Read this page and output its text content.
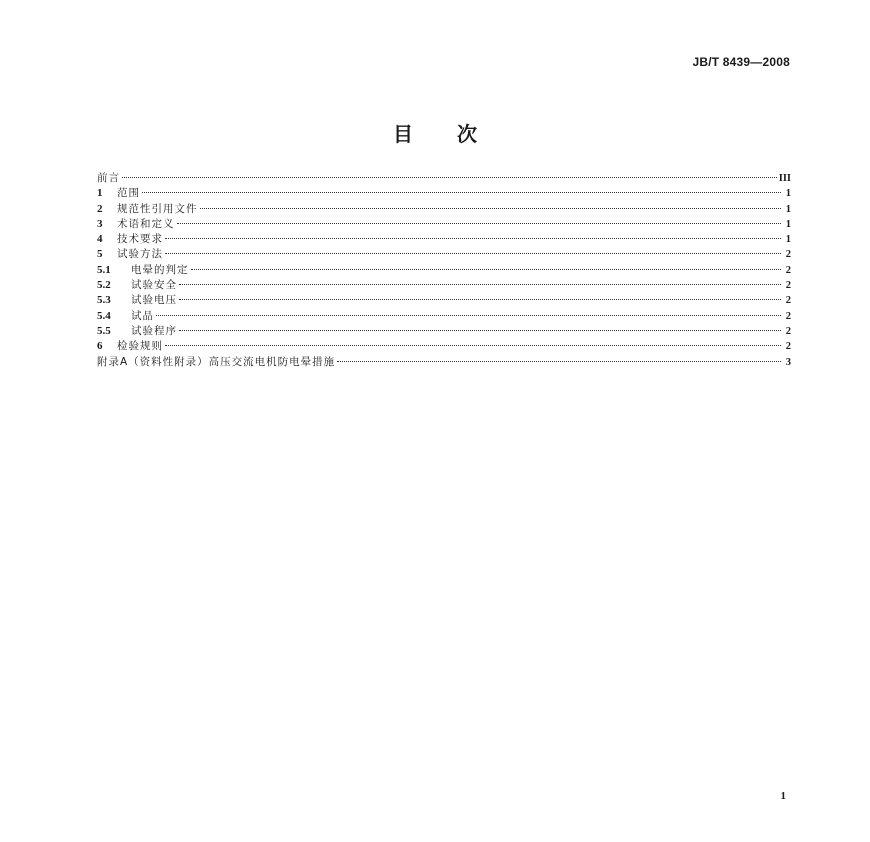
JB/T 8439—2008
目次
前言	III
1	范围	1
2	规范性引用文件	1
3	术语和定义	1
4	技术要求	1
5	试验方法	2
5.1	电晕的判定	2
5.2	试验安全	2
5.3	试验电压	2
5.4	试品	2
5.5	试验程序	2
6	检验规则	2
附录A（资料性附录）高压交流电机防电晕措施	3
1
